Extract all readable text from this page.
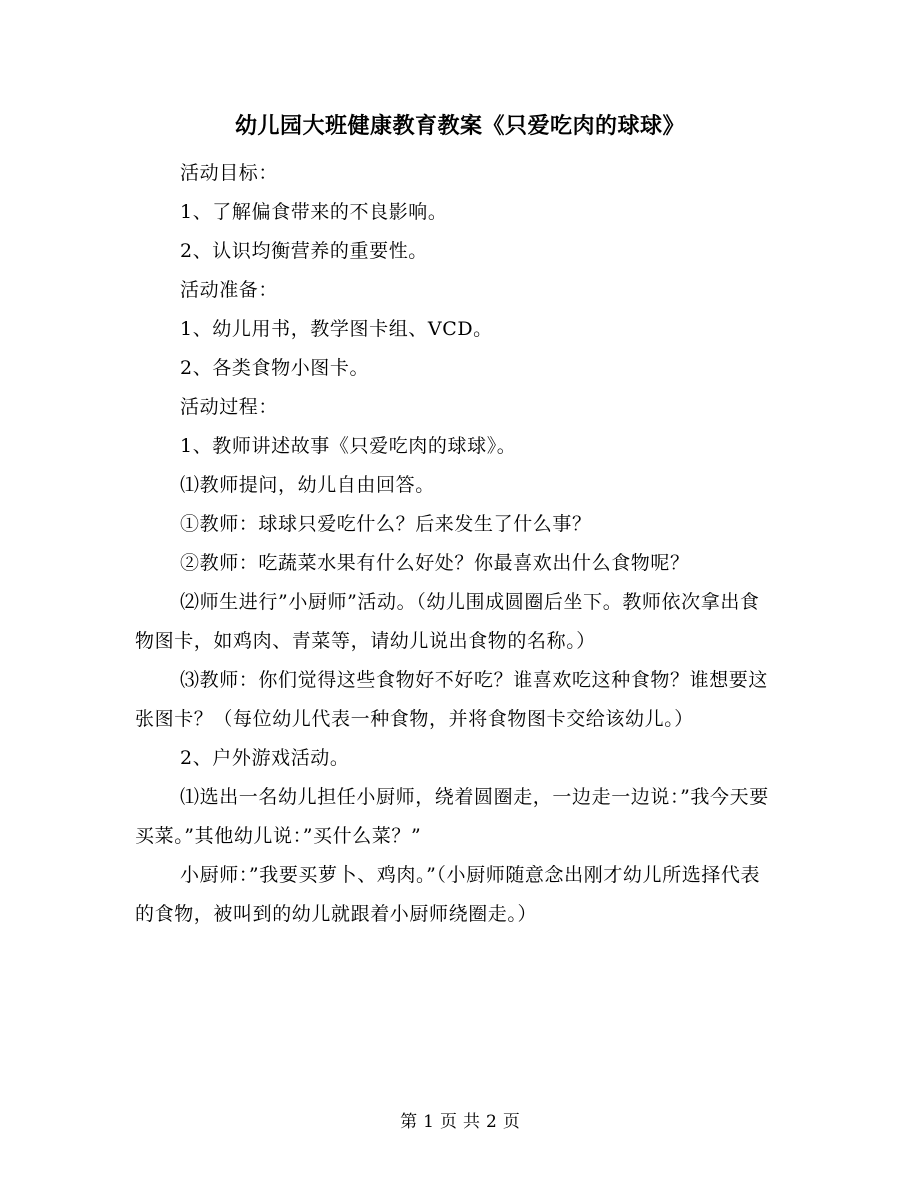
幼儿园大班健康教育教案《只爱吃肉的球球》

活动目标：

1、了解偏食带来的不良影响。

2、认识均衡营养的重要性。

活动准备：

1、幼儿用书，教学图卡组、VCD。

2、各类食物小图卡。

活动过程：

1、教师讲述故事《只爱吃肉的球球》。

⑴教师提问，幼儿自由回答。

①教师：球球只爱吃什么？后来发生了什么事？

②教师：吃蔬菜水果有什么好处？你最喜欢出什么食物呢？

⑵师生进行”小厨师”活动。（幼儿围成圆圈后坐下。教师依次拿出食物图卡，如鸡肉、青菜等，请幼儿说出食物的名称。）

⑶教师：你们觉得这些食物好不好吃？谁喜欢吃这种食物？谁想要这张图卡？（每位幼儿代表一种食物，并将食物图卡交给该幼儿。）

2、户外游戏活动。

⑴选出一名幼儿担任小厨师，绕着圆圈走，一边走一边说：”我今天要买菜。”其他幼儿说：”买什么菜？”

小厨师：”我要买萝卜、鸡肉。”（小厨师随意念出刚才幼儿所选择代表的食物，被叫到的幼儿就跟着小厨师绕圈走。）

第 1 页 共 2 页
